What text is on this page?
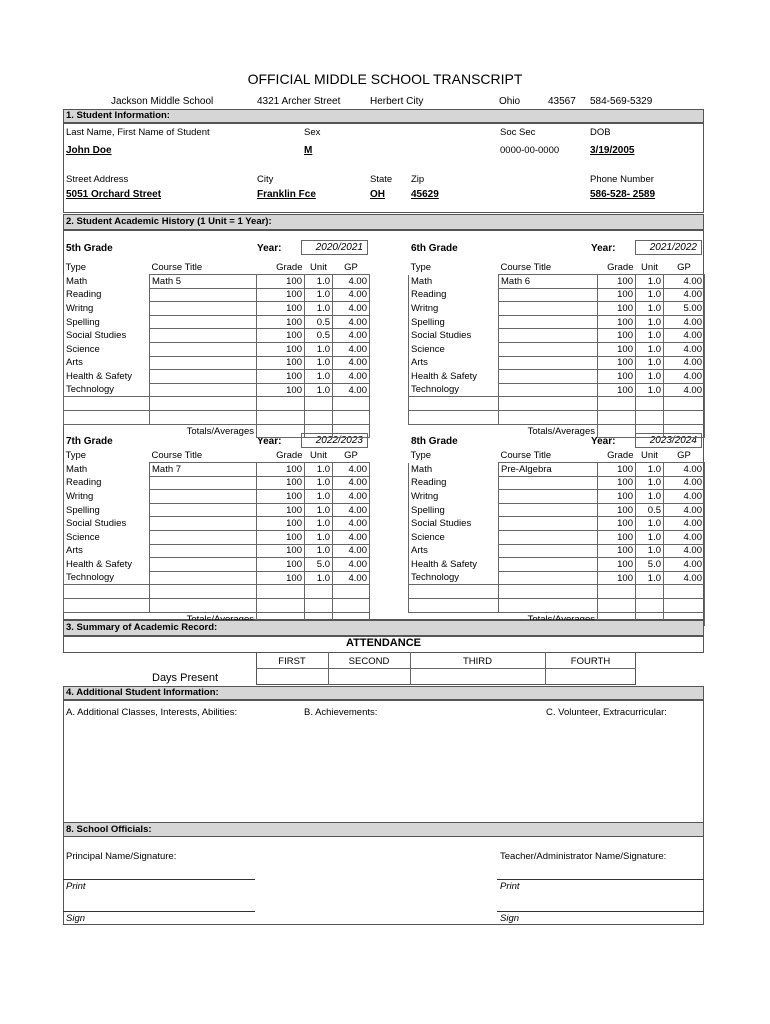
OFFICIAL MIDDLE SCHOOL TRANSCRIPT
Jackson Middle School	4321 Archer Street	Herbert City	Ohio	43567 584-569-5329
1. Student Information:
Last Name, First Name of Student	Sex	Soc Sec	DOB
John Doe	M	0000-00-0000	3/19/2005
Street Address	City	State Zip	Phone Number
5051 Orchard Street	Franklin Fce	OH	45629	586-528- 2589
2. Student Academic History (1 Unit = 1 Year):
5th Grade	Year:	2020/2021	6th Grade	Year:	2021/2022
7th Grade	Year:	2022/2023	8th Grade	Year:	2023/2024
Type	Course Title	Grade	Unit	GP
Math	Math 5	100	1.0	4.00
Reading		100	1.0	4.00
Writng		100	1.0	4.00
Spelling		100	0.5	4.00
Social Studies		100	0.5	4.00
Science		100	1.0	4.00
Arts		100	1.0	4.00
Health & Safety		100	1.0	4.00
Technology		100	1.0	4.00

Totals/Averages				
Type	Course Title	Grade	Unit	GP
Math	Math 6	100	1.0	4.00
Reading		100	1.0	4.00
Writng		100	1.0	5.00
Spelling		100	1.0	4.00
Social Studies		100	1.0	4.00
Science		100	1.0	4.00
Arts		100	1.0	4.00
Health & Safety		100	1.0	4.00
Technology		100	1.0	4.00

Totals/Averages				
Type	Course Title	Grade	Unit	GP
Math	Math 7	100	1.0	4.00
Reading		100	1.0	4.00
Writng		100	1.0	4.00
Spelling		100	1.0	4.00
Social Studies		100	1.0	4.00
Science		100	1.0	4.00
Arts		100	1.0	4.00
Health & Safety		100	5.0	4.00
Technology		100	1.0	4.00

Type	Course Title	Grade	Unit	GP
Math	Pre-Algebra	100	1.0	4.00
Reading		100	1.0	4.00
Writng		100	1.0	4.00
Spelling		100	0.5	4.00
Social Studies		100	1.0	4.00
Science		100	1.0	4.00
Arts		100	1.0	4.00
Health & Safety		100	5.0	4.00
Technology		100	1.0	4.00

3. Summary of Academic Record:
ATTENDANCE
FIRST	SECOND	THIRD	FOURTH
Days Present
4. Additional Student Information:
A. Additional Classes, Interests, Abilities:	B. Achievements:	C. Volunteer, Extracurricular:
8. School Officials:
Principal Name/Signature:	Teacher/Administrator Name/Signature:
Print	Print
Sign	Sign
